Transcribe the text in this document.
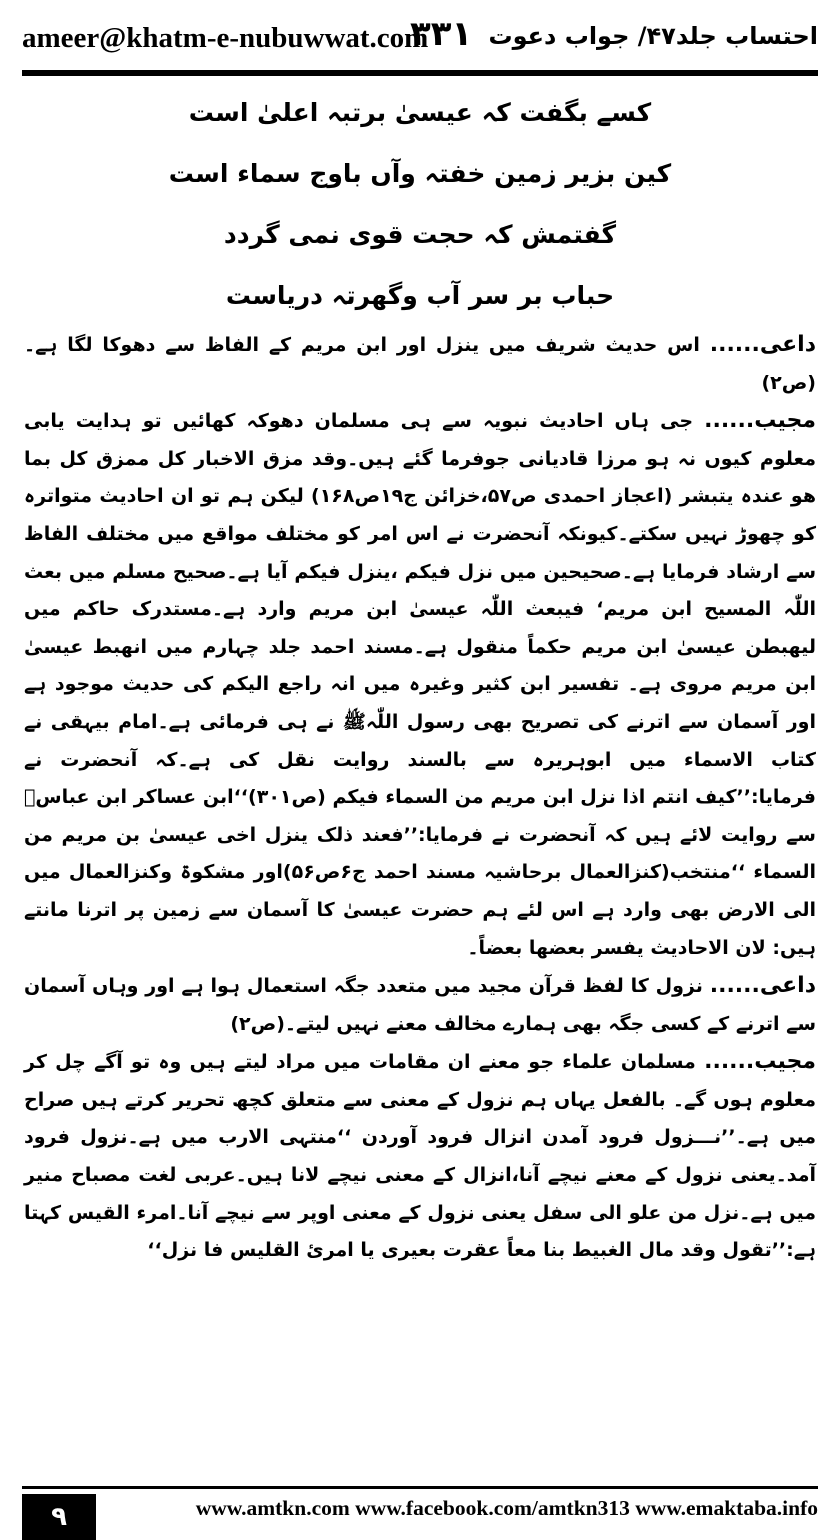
ameer@khatm-e-nubuwwat.com
۳۳۱ احتساب جلد۴۷/ جواب دعوت
کسے بگفت کہ عیسیٰ برتبہ اعلیٰ است
کین بزیر زمین خفتہ وآں باوج سماء است
گفتمش کہ حجت قوی نمی گردد
حباب بر سر آب وگھرتہ دریاست

داعی...... اس حدیث شریف میں ینزل اور ابن مریم کے الفاظ سے دھوکا لگا ہے۔(ص۲)

مجیب...... جی ہاں احادیث نبویہ سے ہی مسلمان دھوکہ کھائیں تو ہدایت یابی معلوم کیوں نہ ہو مرزا قادیانی جوفرما گئے ہیں۔وقد مزق الاخبار کل ممزق کل بما ھو عندہ یتبشر (اعجاز احمدی ص۵۷،خزائن ج۱۹ص۱۶۸) لیکن ہم تو ان احادیث متواترہ کو چھوڑ نہیں سکتے۔کیونکہ آنحضرت نے اس امر کو مختلف مواقع میں مختلف الفاظ سے ارشاد فرمایا ہے۔صحیحین میں نزل فیکم ،ینزل فیکم آیا ہے۔صحیح مسلم میں بعث اللّٰہ المسیح ابن مریم‘ فیبعث اللّٰہ عیسیٰ ابن مریم وارد ہے۔مستدرک حاکم میں لیھبطن عیسیٰ ابن مریم حکماً منقول ہے۔مسند احمد جلد چہارم میں انھبط عیسیٰ ابن مریم مروی ہے۔ تفسیر ابن کثیر وغیرہ میں انہ راجع الیکم کی حدیث موجود ہے اور آسمان سے اترنے کی تصریح بھی رسول اللّٰہﷺ نے ہی فرمائی ہے۔امام بیہقی نے کتاب الاسماء میں ابوہریرہ سے بالسند روایت نقل کی ہے۔کہ آنحضرت نے فرمایا:’’کیف انتم اذا نزل ابن مریم من السماء فیکم (ص۳۰۱)‘‘ابن عساکر ابن عباسؓ سے روایت لائے ہیں کہ آنحضرت نے فرمایا:’’فعند ذلک ینزل اخی عیسیٰ بن مریم من السماء ‘‘منتخب(کنزالعمال برحاشیہ مسند احمد ج۶ص۵۶)اور مشکوۃ وکنزالعمال میں الی الارض بھی وارد ہے اس لئے ہم حضرت عیسیٰ کا آسمان سے زمین پر اترنا مانتے ہیں: لان الاحادیث یفسر بعضھا بعضاً۔

داعی...... نزول کا لفظ قرآن مجید میں متعدد جگہ استعمال ہوا ہے اور وہاں آسمان سے اترنے کے کسی جگہ بھی ہمارے مخالف معنے نہیں لیتے۔(ص۲)

مجیب...... مسلمان علماء جو معنے ان مقامات میں مراد لیتے ہیں وہ تو آگے چل کر معلوم ہوں گے۔ بالفعل یہاں ہم نزول کے معنی سے متعلق کچھ تحریر کرتے ہیں صراح میں ہے۔’’نـــزول فرود آمدن انزال فرود آوردن ‘‘منتہی الارب میں ہے۔نزول فرود آمد۔یعنی نزول کے معنے نیچے آنا،انزال کے معنی نیچے لانا ہیں۔عربی لغت مصباح منیر میں ہے۔نزل من علو الی سفل یعنی نزول کے معنی اوپر سے نیچے آنا۔امرء القیس کہتا ہے:’’تقول وقد مال الغبیط بنا معاً عقرت بعیری یا امرئ القلیس فا نزل‘‘

۹	www.amtkn.com www.facebook.com/amtkn313 www.emaktaba.info
